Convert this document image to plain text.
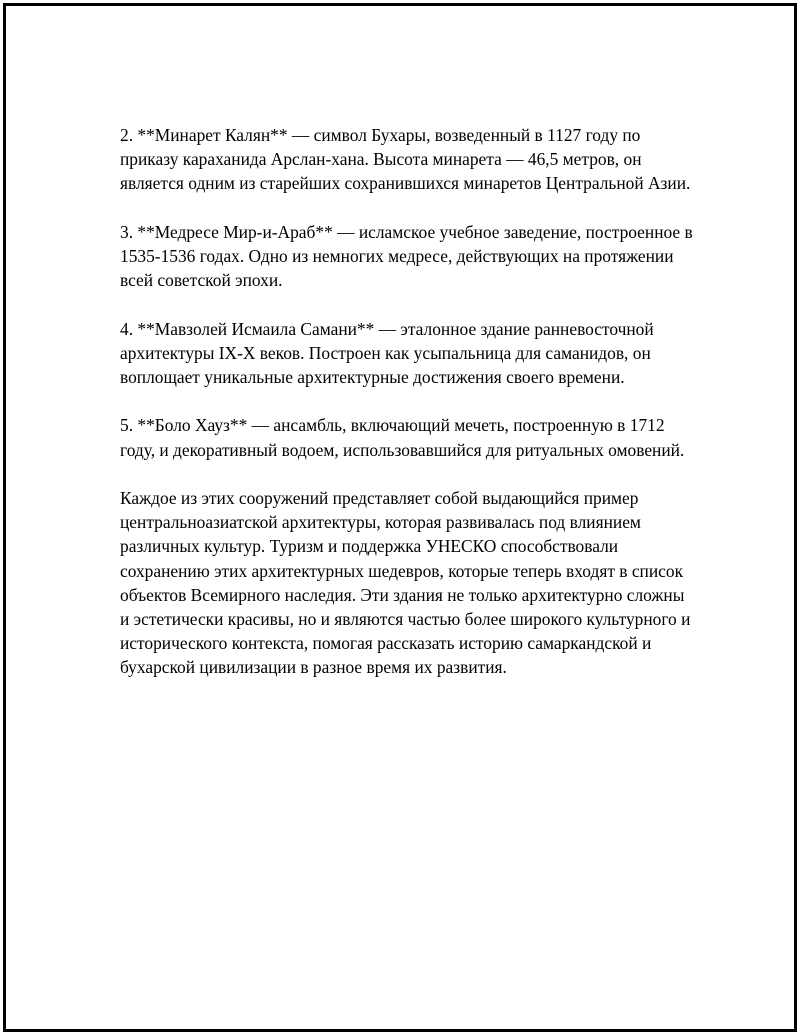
2. **Минарет Калян** — символ Бухары, возведенный в 1127 году по приказу караханида Арслан-хана. Высота минарета — 46,5 метров, он является одним из старейших сохранившихся минаретов Центральной Азии.

3. **Медресе Мир-и-Араб** — исламское учебное заведение, построенное в 1535-1536 годах. Одно из немногих медресе, действующих на протяжении всей советской эпохи.

4. **Мавзолей Исмаила Самани** — эталонное здание ранневосточной архитектуры IX-X веков. Построен как усыпальница для саманидов, он воплощает уникальные архитектурные достижения своего времени.

5. **Боло Хауз** — ансамбль, включающий мечеть, построенную в 1712 году, и декоративный водоем, использовавшийся для ритуальных омовений.

Каждое из этих сооружений представляет собой выдающийся пример центральноазиатской архитектуры, которая развивалась под влиянием различных культур. Туризм и поддержка УНЕСКО способствовали сохранению этих архитектурных шедевров, которые теперь входят в список объектов Всемирного наследия. Эти здания не только архитектурно сложны и эстетически красивы, но и являются частью более широкого культурного и исторического контекста, помогая рассказать историю самаркандской и бухарской цивилизации в разное время их развития.
